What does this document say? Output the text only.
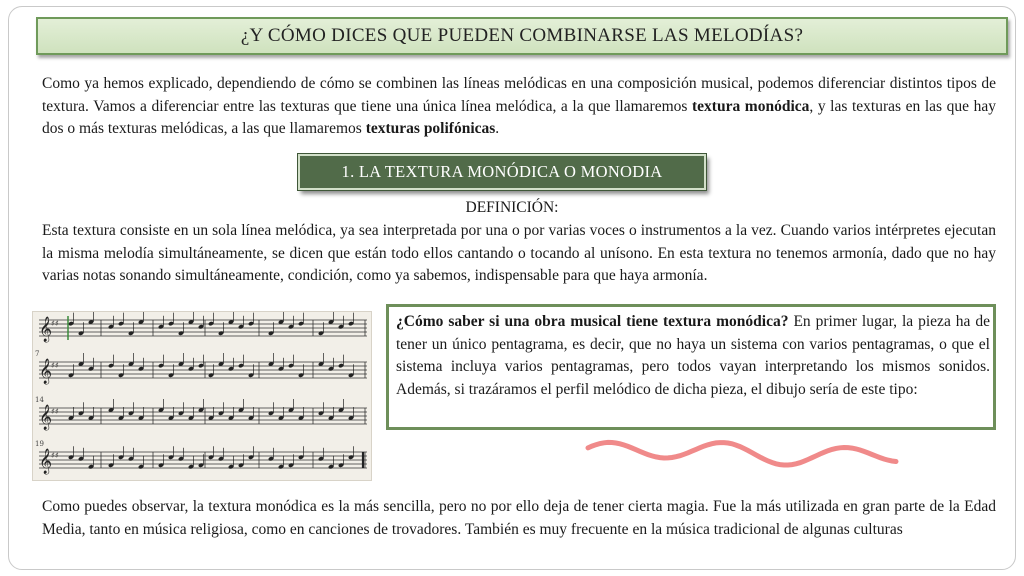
¿Y CÓMO DICES QUE PUEDEN COMBINARSE LAS MELODÍAS?

Como ya hemos explicado, dependiendo de cómo se combinen las líneas melódicas en una composición musical, podemos diferenciar distintos tipos de textura. Vamos a diferenciar entre las texturas que tiene una única línea melódica, a la que llamaremos textura monódica, y las texturas en las que hay dos o más texturas melódicas, a las que llamaremos texturas polifónicas.

1. LA TEXTURA MONÓDICA O MONODIA
DEFINICIÓN:

Esta textura consiste en un sola línea melódica, ya sea interpretada por una o por varias voces o instrumentos a la vez. Cuando varios intérpretes ejecutan la misma melodía simultáneamente, se dicen que están todo ellos cantando o tocando al unísono. En esta textura no tenemos armonía, dado que no hay varias notas sonando simultáneamente, condición, como ya sabemos, indispensable para que haya armonía.

𝄞
♯♯
𝄞
♯♯
7
𝄞
♯♯
14
𝄞
♯♯
19

¿Cómo saber si una obra musical tiene textura monódica? En primer lugar, la pieza ha de tener un único pentagrama, es decir, que no haya un sistema con varios pentagramas, o que el sistema incluya varios pentagramas, pero todos vayan interpretando los mismos sonidos. Además, si trazáramos el perfil melódico de dicha pieza, el dibujo sería de este tipo:

Como puedes observar, la textura monódica es la más sencilla, pero no por ello deja de tener cierta magia. Fue la más utilizada en gran parte de la Edad Media, tanto en música religiosa, como en canciones de trovadores. También es muy frecuente en la música tradicional de algunas culturas
